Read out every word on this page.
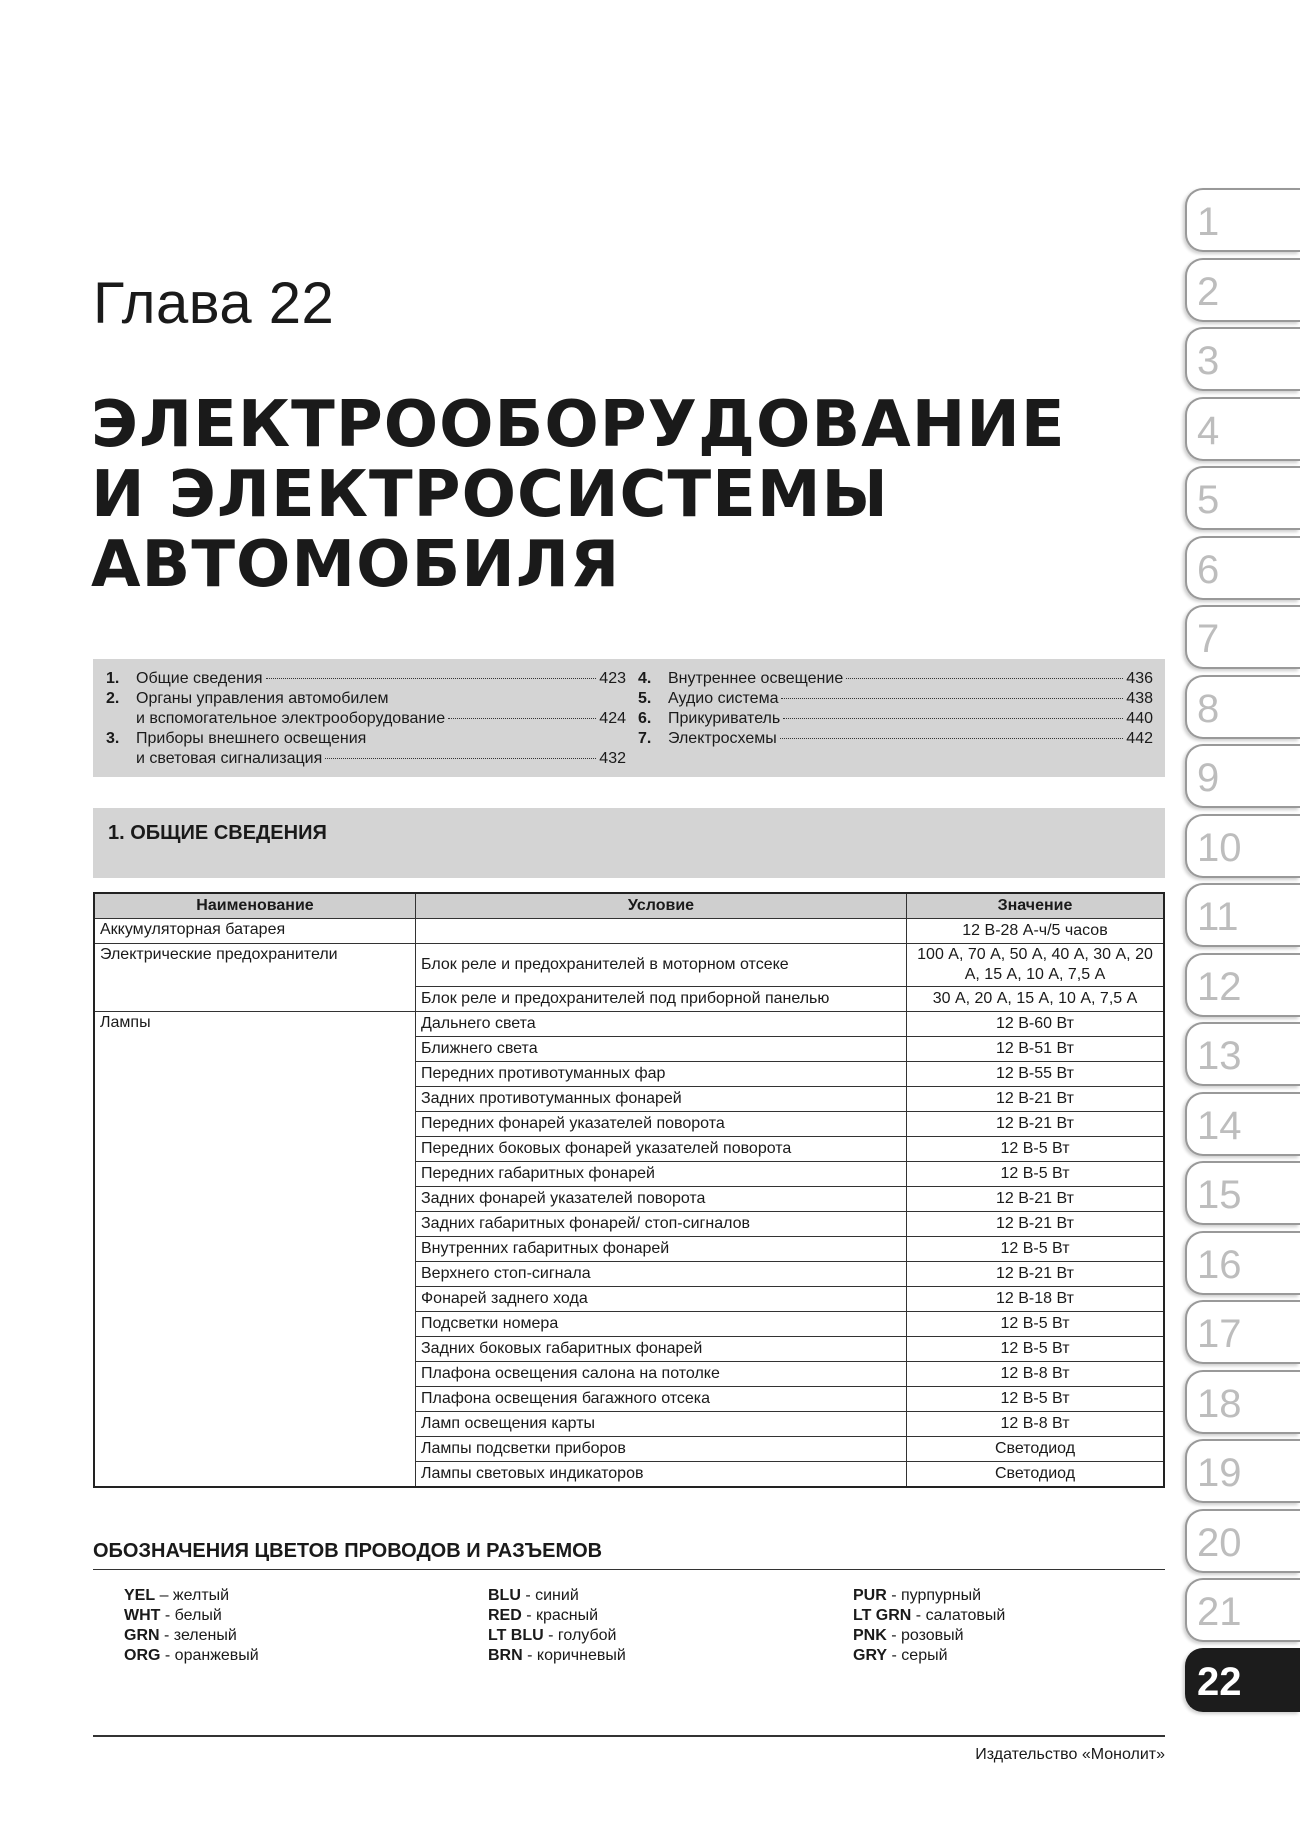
Глава 22
ЭЛЕКТРООБОРУДОВАНИЕ
И ЭЛЕКТРОСИСТЕМЫ
АВТОМОБИЛЯ
1.	Общие сведения	423
2.	Органы управления автомобилем
и вспомогательное электрооборудование	424
3.	Приборы внешнего освещения
и световая сигнализация	432
4.	Внутреннее освещение	436
5.	Аудио система	438
6.	Прикуриватель	440
7.	Электросхемы	442
1. ОБЩИЕ СВЕДЕНИЯ
Наименование	Условие	Значение
Аккумуляторная батарея		12 В-28 А-ч/5 часов
Электрические предохранители	Блок реле и предохранителей в моторном отсеке	100 А, 70 А, 50 А, 40 А, 30 А, 20 А, 15 А, 10 А, 7,5 А
	Блок реле и предохранителей под приборной панелью	30 А, 20 А, 15 А, 10 А, 7,5 А
Лампы	Дальнего света	12 В-60 Вт
	Ближнего света	12 В-51 Вт
	Передних противотуманных фар	12 В-55 Вт
	Задних противотуманных фонарей	12 В-21 Вт
	Передних фонарей указателей поворота	12 В-21 Вт
	Передних боковых фонарей указателей поворота	12 В-5 Вт
	Передних габаритных фонарей	12 В-5 Вт
	Задних фонарей указателей поворота	12 В-21 Вт
	Задних габаритных фонарей/ стоп-сигналов	12 В-21 Вт
	Внутренних габаритных фонарей	12 В-5 Вт
	Верхнего стоп-сигнала	12 В-21 Вт
	Фонарей заднего хода	12 В-18 Вт
	Подсветки номера	12 В-5 Вт
	Задних боковых габаритных фонарей	12 В-5 Вт
	Плафона освещения салона на потолке	12 В-8 Вт
	Плафона освещения багажного отсека	12 В-5 Вт
	Ламп освещения карты	12 В-8 Вт
	Лампы подсветки приборов	Светодиод
	Лампы световых индикаторов	Светодиод
ОБОЗНАЧЕНИЯ ЦВЕТОВ ПРОВОДОВ И РАЗЪЕМОВ
YEL – желтый
WHT - белый
GRN - зеленый
ORG - оранжевый
BLU - синий
RED - красный
LT BLU - голубой
BRN - коричневый
PUR - пурпурный
LT GRN - салатовый
PNK - розовый
GRY - серый
Издательство «Монолит»
1
2
3
4
5
6
7
8
9
10
11
12
13
14
15
16
17
18
19
20
21
22
